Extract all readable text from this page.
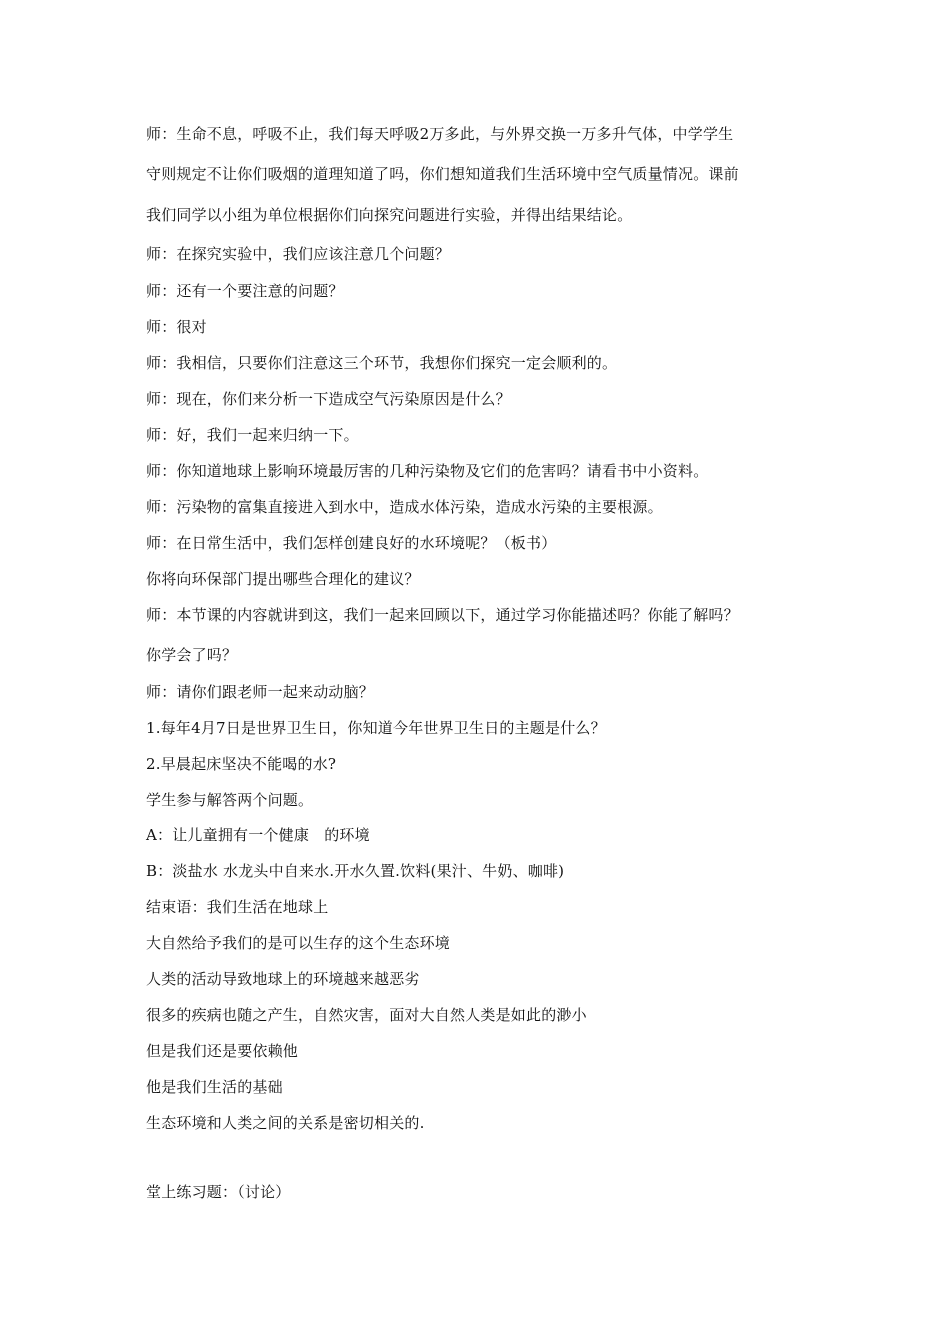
师：生命不息，呼吸不止，我们每天呼吸2万多此，与外界交换一万多升气体，中学学生
守则规定不让你们吸烟的道理知道了吗，你们想知道我们生活环境中空气质量情况。课前
我们同学以小组为单位根据你们向探究问题进行实验，并得出结果结论。
师：在探究实验中，我们应该注意几个问题？
师：还有一个要注意的问题？
师：很对
师：我相信，只要你们注意这三个环节，我想你们探究一定会顺利的。
师：现在，你们来分析一下造成空气污染原因是什么？
师：好，我们一起来归纳一下。
师：你知道地球上影响环境最厉害的几种污染物及它们的危害吗？请看书中小资料。
师：污染物的富集直接进入到水中，造成水体污染，造成水污染的主要根源。
师：在日常生活中，我们怎样创建良好的水环境呢？（板书）
你将向环保部门提出哪些合理化的建议？
师：本节课的内容就讲到这，我们一起来回顾以下，通过学习你能描述吗？你能了解吗？
你学会了吗？
师：请你们跟老师一起来动动脑？
1.每年4月7日是世界卫生日，你知道今年世界卫生日的主题是什么？
2.早晨起床坚决不能喝的水?
学生参与解答两个问题。
A：让儿童拥有一个健康　的环境
B：淡盐水 水龙头中自来水.开水久置.饮料(果汁、牛奶、咖啡)
结束语：我们生活在地球上
大自然给予我们的是可以生存的这个生态环境
人类的活动导致地球上的环境越来越恶劣
很多的疾病也随之产生，自然灾害，面对大自然人类是如此的渺小
但是我们还是要依赖他
他是我们生活的基础
生态环境和人类之间的关系是密切相关的.
堂上练习题：（讨论）
